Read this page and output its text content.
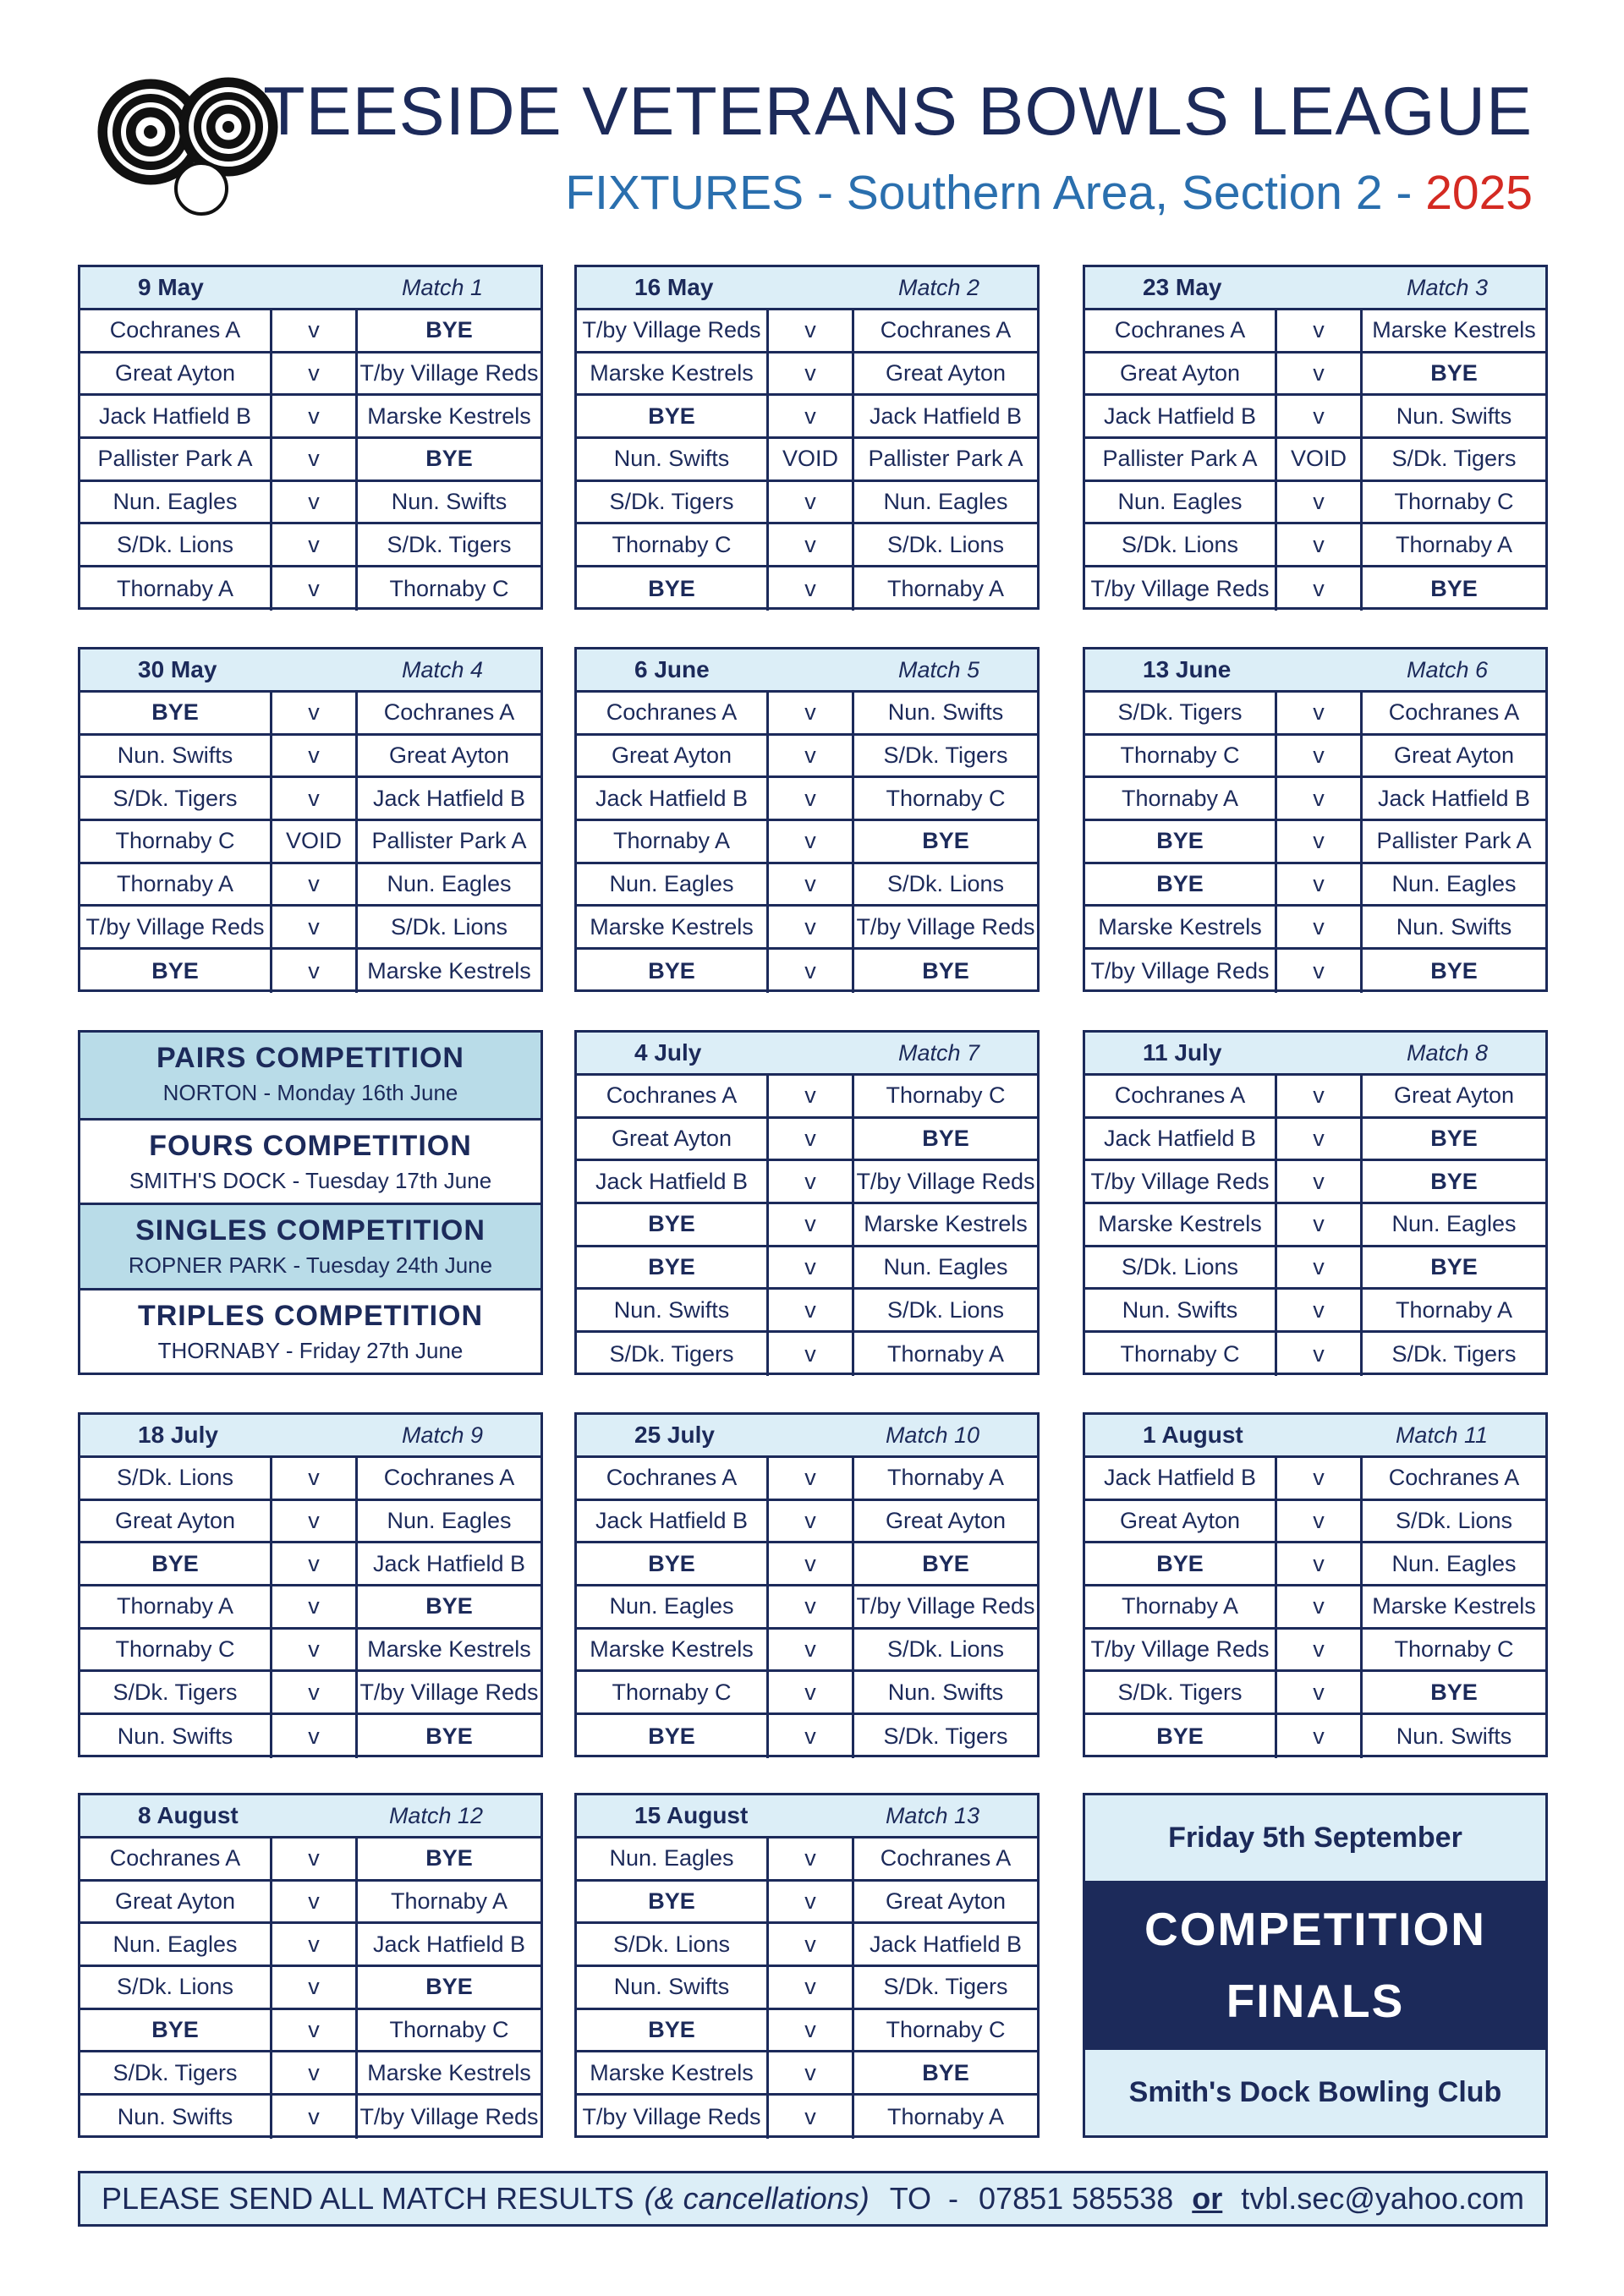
TEESIDE VETERANS BOWLS LEAGUE
FIXTURES - Southern Area, Section 2 - 2025
9 May	Match 1
Cochranes A	v	BYE
Great Ayton	v	T/by Village Reds
Jack Hatfield B	v	Marske Kestrels
Pallister Park A	v	BYE
Nun. Eagles	v	Nun. Swifts
S/Dk. Lions	v	S/Dk. Tigers
Thornaby A	v	Thornaby C
16 May	Match 2
T/by Village Reds	v	Cochranes A
Marske Kestrels	v	Great Ayton
BYE	v	Jack Hatfield B
Nun. Swifts	VOID	Pallister Park A
S/Dk. Tigers	v	Nun. Eagles
Thornaby C	v	S/Dk. Lions
BYE	v	Thornaby A
23 May	Match 3
Cochranes A	v	Marske Kestrels
Great Ayton	v	BYE
Jack Hatfield B	v	Nun. Swifts
Pallister Park A	VOID	S/Dk. Tigers
Nun. Eagles	v	Thornaby C
S/Dk. Lions	v	Thornaby A
T/by Village Reds	v	BYE
30 May	Match 4
BYE	v	Cochranes A
Nun. Swifts	v	Great Ayton
S/Dk. Tigers	v	Jack Hatfield B
Thornaby C	VOID	Pallister Park A
Thornaby A	v	Nun. Eagles
T/by Village Reds	v	S/Dk. Lions
BYE	v	Marske Kestrels
6 June	Match 5
Cochranes A	v	Nun. Swifts
Great Ayton	v	S/Dk. Tigers
Jack Hatfield B	v	Thornaby C
Thornaby A	v	BYE
Nun. Eagles	v	S/Dk. Lions
Marske Kestrels	v	T/by Village Reds
BYE	v	BYE
13 June	Match 6
S/Dk. Tigers	v	Cochranes A
Thornaby C	v	Great Ayton
Thornaby A	v	Jack Hatfield B
BYE	v	Pallister Park A
BYE	v	Nun. Eagles
Marske Kestrels	v	Nun. Swifts
T/by Village Reds	v	BYE
4 July	Match 7
Cochranes A	v	Thornaby C
Great Ayton	v	BYE
Jack Hatfield B	v	T/by Village Reds
BYE	v	Marske Kestrels
BYE	v	Nun. Eagles
Nun. Swifts	v	S/Dk. Lions
S/Dk. Tigers	v	Thornaby A
11 July	Match 8
Cochranes A	v	Great Ayton
Jack Hatfield B	v	BYE
T/by Village Reds	v	BYE
Marske Kestrels	v	Nun. Eagles
S/Dk. Lions	v	BYE
Nun. Swifts	v	Thornaby A
Thornaby C	v	S/Dk. Tigers
18 July	Match 9
S/Dk. Lions	v	Cochranes A
Great Ayton	v	Nun. Eagles
BYE	v	Jack Hatfield B
Thornaby A	v	BYE
Thornaby C	v	Marske Kestrels
S/Dk. Tigers	v	T/by Village Reds
Nun. Swifts	v	BYE
25 July	Match 10
Cochranes A	v	Thornaby A
Jack Hatfield B	v	Great Ayton
BYE	v	BYE
Nun. Eagles	v	T/by Village Reds
Marske Kestrels	v	S/Dk. Lions
Thornaby C	v	Nun. Swifts
BYE	v	S/Dk. Tigers
1 August	Match 11
Jack Hatfield B	v	Cochranes A
Great Ayton	v	S/Dk. Lions
BYE	v	Nun. Eagles
Thornaby A	v	Marske Kestrels
T/by Village Reds	v	Thornaby C
S/Dk. Tigers	v	BYE
BYE	v	Nun. Swifts
8 August	Match 12
Cochranes A	v	BYE
Great Ayton	v	Thornaby A
Nun. Eagles	v	Jack Hatfield B
S/Dk. Lions	v	BYE
BYE	v	Thornaby C
S/Dk. Tigers	v	Marske Kestrels
Nun. Swifts	v	T/by Village Reds
15 August	Match 13
Nun. Eagles	v	Cochranes A
BYE	v	Great Ayton
S/Dk. Lions	v	Jack Hatfield B
Nun. Swifts	v	S/Dk. Tigers
BYE	v	Thornaby C
Marske Kestrels	v	BYE
T/by Village Reds	v	Thornaby A
PAIRS COMPETITION
NORTON - Monday 16th June
FOURS COMPETITION
SMITH'S DOCK - Tuesday 17th June
SINGLES COMPETITION
ROPNER PARK - Tuesday 24th June
TRIPLES COMPETITION
THORNABY - Friday 27th June
Friday 5th September
COMPETITION
FINALS
Smith's Dock Bowling Club
PLEASE SEND ALL MATCH RESULTS (& cancellations) TO  - 07851 585538 or tvbl.sec@yahoo.com
